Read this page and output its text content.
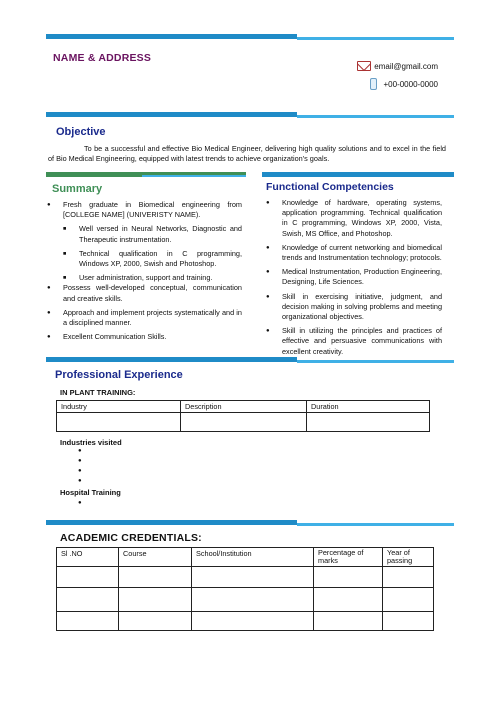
NAME & ADDRESS
email@gmail.com
+00-0000-0000
Objective
To be a successful and effective Bio Medical Engineer, delivering high quality solutions and to excel in the field of Bio Medical Engineering, equipped with latest trends to achieve organization's goals.
Summary	Functional Competencies
● Fresh graduate in Biomedical engineering from [COLLEGE NAME] (UNIVERISTY NAME).
■ Well versed in Neural Networks, Diagnostic and Therapeutic instrumentation.
■ Technical qualification in C programming, Windows XP, 2000, Swish and Photoshop.
■ User administration, support and training.
● Possess well-developed conceptual, communication and creative skills.
● Approach and implement projects systematically and in a disciplined manner.
● Excellent Communication Skills.
● Knowledge of hardware, operating systems, application programming. Technical qualification in C programming, Windows XP, 2000, Vista, Swish, MS Office, and Photoshop.
● Knowledge of current networking and biomedical trends and Instrumentation technology; protocols.
● Medical Instrumentation, Production Engineering, Designing, Life Sciences.
● Skill in exercising initiative, judgment, and decision making in solving problems and meeting organizational objectives.
● Skill in utilizing the principles and practices of effective and persuasive communications with excellent creativity.
Professional Experience
IN PLANT TRAINING:
Industry	Description	Duration

Industries visited
●
●
●
●
Hospital Training
●
ACADEMIC CREDENTIALS:
Sl .NO	Course	School/Institution	Percentage of marks	Year of passing
